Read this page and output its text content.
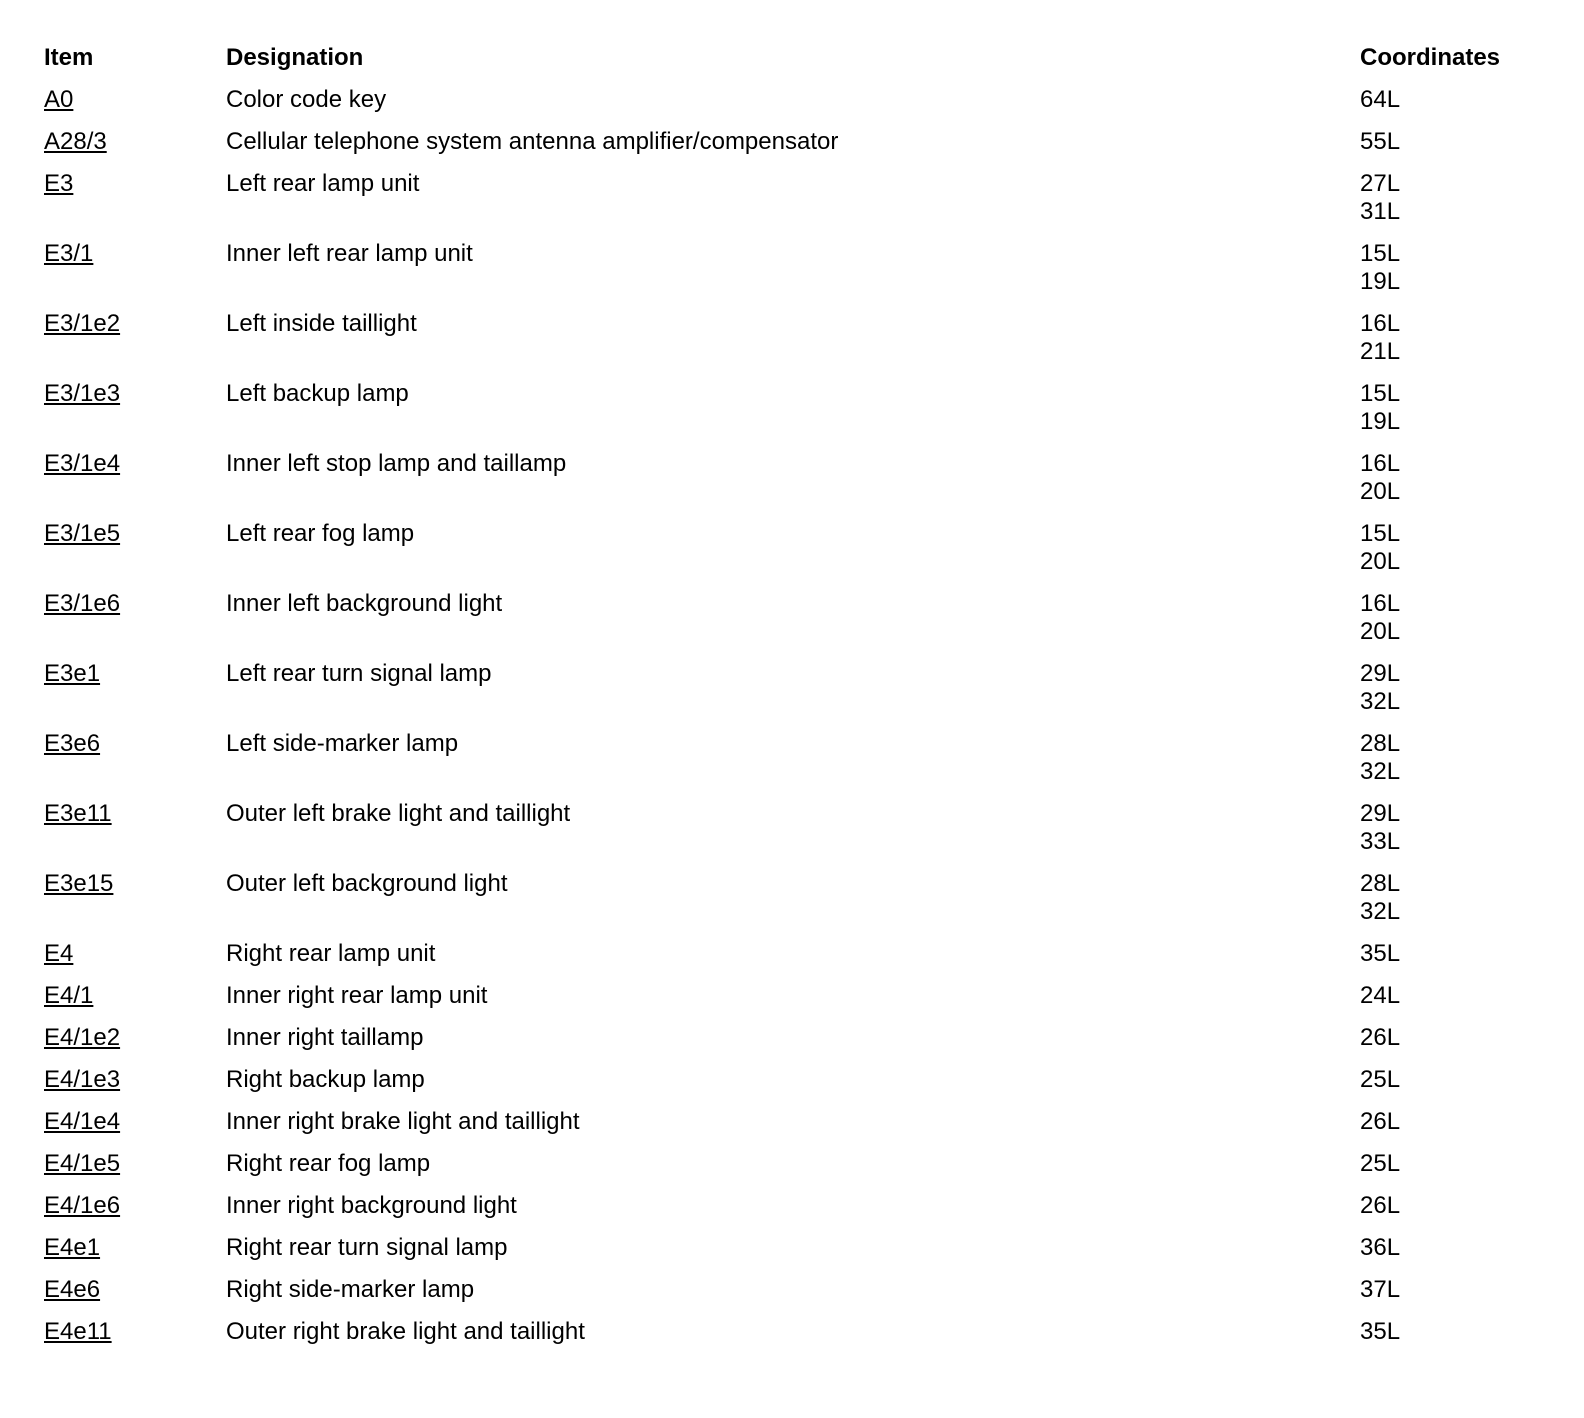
Item	Designation	Coordinates
A0	Color code key	64L
A28/3	Cellular telephone system antenna amplifier/compensator	55L
E3	Left rear lamp unit	27L
31L
E3/1	Inner left rear lamp unit	15L
19L
E3/1e2	Left inside taillight	16L
21L
E3/1e3	Left backup lamp	15L
19L
E3/1e4	Inner left stop lamp and taillamp	16L
20L
E3/1e5	Left rear fog lamp	15L
20L
E3/1e6	Inner left background light	16L
20L
E3e1	Left rear turn signal lamp	29L
32L
E3e6	Left side-marker lamp	28L
32L
E3e11	Outer left brake light and taillight	29L
33L
E3e15	Outer left background light	28L
32L
E4	Right rear lamp unit	35L
E4/1	Inner right rear lamp unit	24L
E4/1e2	Inner right taillamp	26L
E4/1e3	Right backup lamp	25L
E4/1e4	Inner right brake light and taillight	26L
E4/1e5	Right rear fog lamp	25L
E4/1e6	Inner right background light	26L
E4e1	Right rear turn signal lamp	36L
E4e6	Right side-marker lamp	37L
E4e11	Outer right brake light and taillight	35L
